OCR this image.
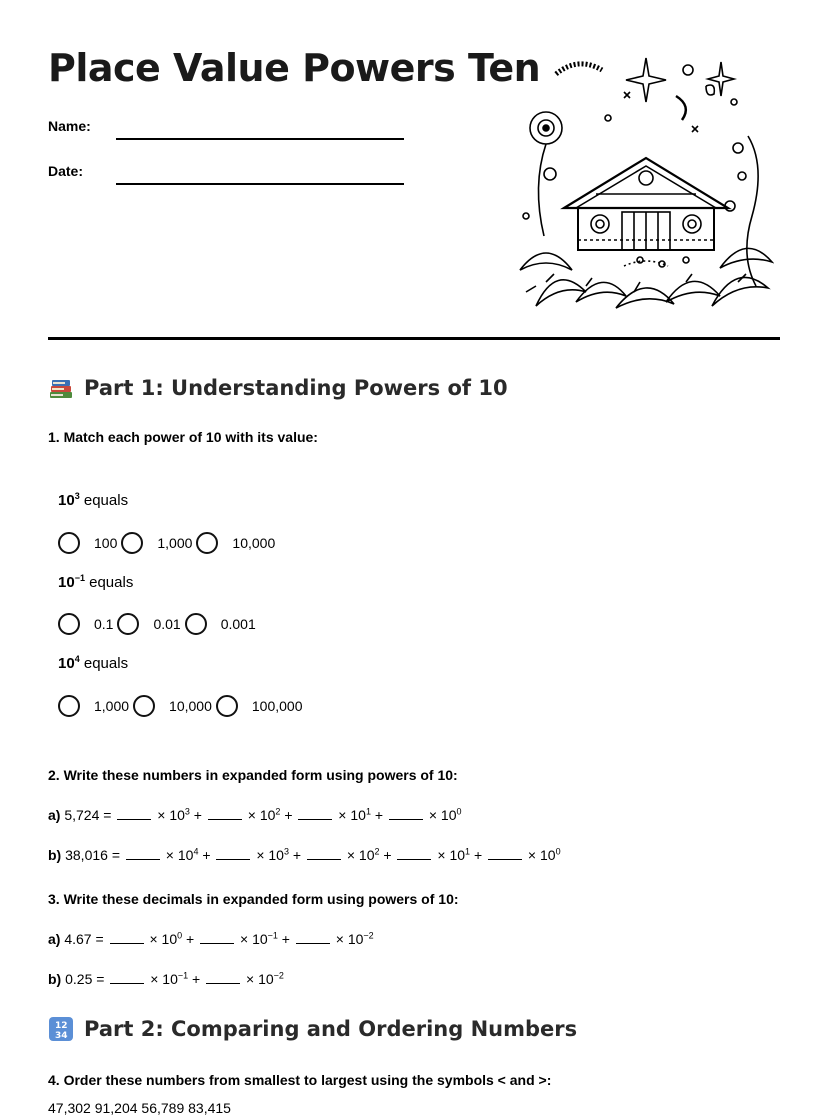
Place Value Powers Ten
Name:
Date:
Part 1: Understanding Powers of 10
1. Match each power of 10 with its value:
$10^3$ equals
100	1,000	10,000
$10^{-1}$ equals
0.1	0.01	0.001
$10^4$ equals
1,000	10,000	100,000
2. Write these numbers in expanded form using powers of 10:
a) 5,724 =	× $10^3$ +	× $10^2$ +	× $10^1$ +	× $10^0$
b) 38,016 =	× $10^4$ +	× $10^3$ +	× $10^2$ +	× $10^1$ +	× $10^0$
3. Write these decimals in expanded form using powers of 10:
a) 4.67 =	× $10^0$ +	× $10^{-1}$ +	× $10^{-2}$
b) 0.25 =	× $10^{-1}$ +	× $10^{-2}$
12
34 Part 2: Comparing and Ordering Numbers
4. Order these numbers from smallest to largest using the symbols < and >:
47,302 91,204 56,789 83,415
